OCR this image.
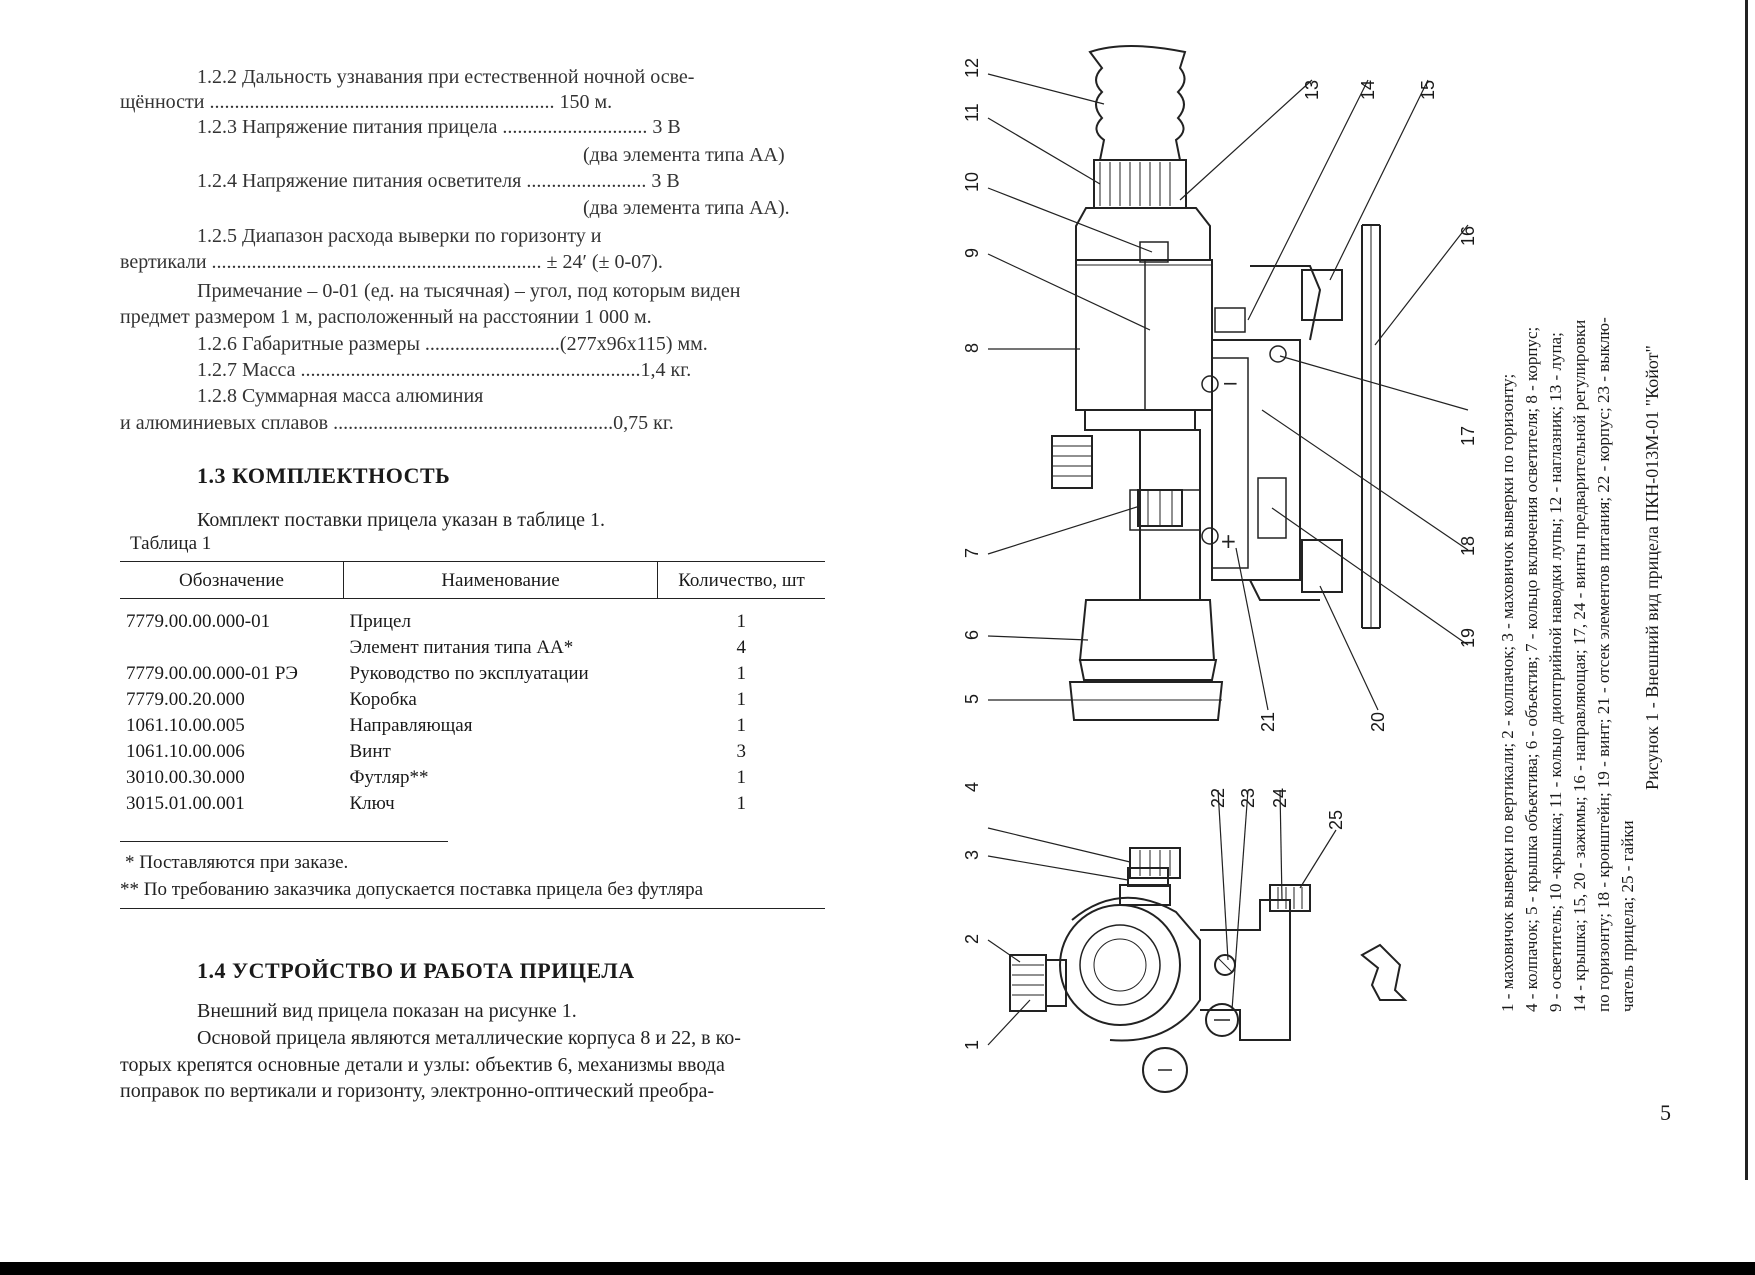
1.2.2 Дальность узнавания при естественной ночной осве-
щённости ..................................................................... 150 м.
1.2.3 Напряжение питания прицела ............................. 3 В
(два элемента типа АА)
1.2.4 Напряжение питания осветителя ........................ 3 В
(два элемента типа АА).
1.2.5 Диапазон расхода выверки по горизонту и
вертикали .................................................................. ± 24′ (± 0-07).
Примечание – 0-01 (ед. на тысячная) – угол, под которым виден
предмет размером 1 м, расположенный на расстоянии 1 000 м.
1.2.6 Габаритные размеры ...........................(277х96х115) мм.
1.2.7 Масса ....................................................................1,4 кг.
1.2.8 Суммарная масса алюминия
и алюминиевых сплавов ........................................................0,75 кг.
1.3 КОМПЛЕКТНОСТЬ
Комплект поставки прицела указан в таблице 1.
Таблица 1
Обозначение	Наименование	Количество, шт

7779.00.00.000-01	Прицел	1
	Элемент питания типа АА*	4
7779.00.00.000-01 РЭ	Руководство по эксплуатации	1
7779.00.20.000	Коробка	1
1061.10.00.005	Направляющая	1
1061.10.00.006	Винт	3
3010.00.30.000	Футляр**	1
3015.01.00.001	Ключ	1
* Поставляются при заказе.
** По требованию заказчика допускается поставка прицела без футляра
1.4 УСТРОЙСТВО И РАБОТА ПРИЦЕЛА
Внешний вид прицела показан на рисунке 1.
Основой прицела являются металлические корпуса 8 и 22, в ко-
торых крепятся основные детали и узлы: объектив 6, механизмы ввода
поправок по вертикали и горизонту, электронно-оптический преобра-
−
+
1
2
3
4
5
6
7
8
9
10
11
12
13 14 15
16
17
18
19
20
21
22 23 24
25	1 - маховичок выверки по вертикали; 2 - колпачок; 3 - маховичок выверки по горизонту; 4 - колпачок; 5 - крышка объектива; 6 - объектив; 7 - кольцо включения осветителя; 8 - корпус; 9 - осветитель; 10 -крышка; 11 - кольцо диоптрийной наводки лупы; 12 - наглазник; 13 - лупа; 14 - крышка; 15, 20 - зажимы; 16 - направляющая; 17, 24 - винты предварительной регулировки по горизонту; 18 - кронштейн; 19 - винт; 21 - отсек элементов питания; 22 - корпус; 23 - выклю- чатель прицела; 25 - гайки
Рисунок 1 - Внешний вид прицела ПКН-013М-01 "Койот"
5
